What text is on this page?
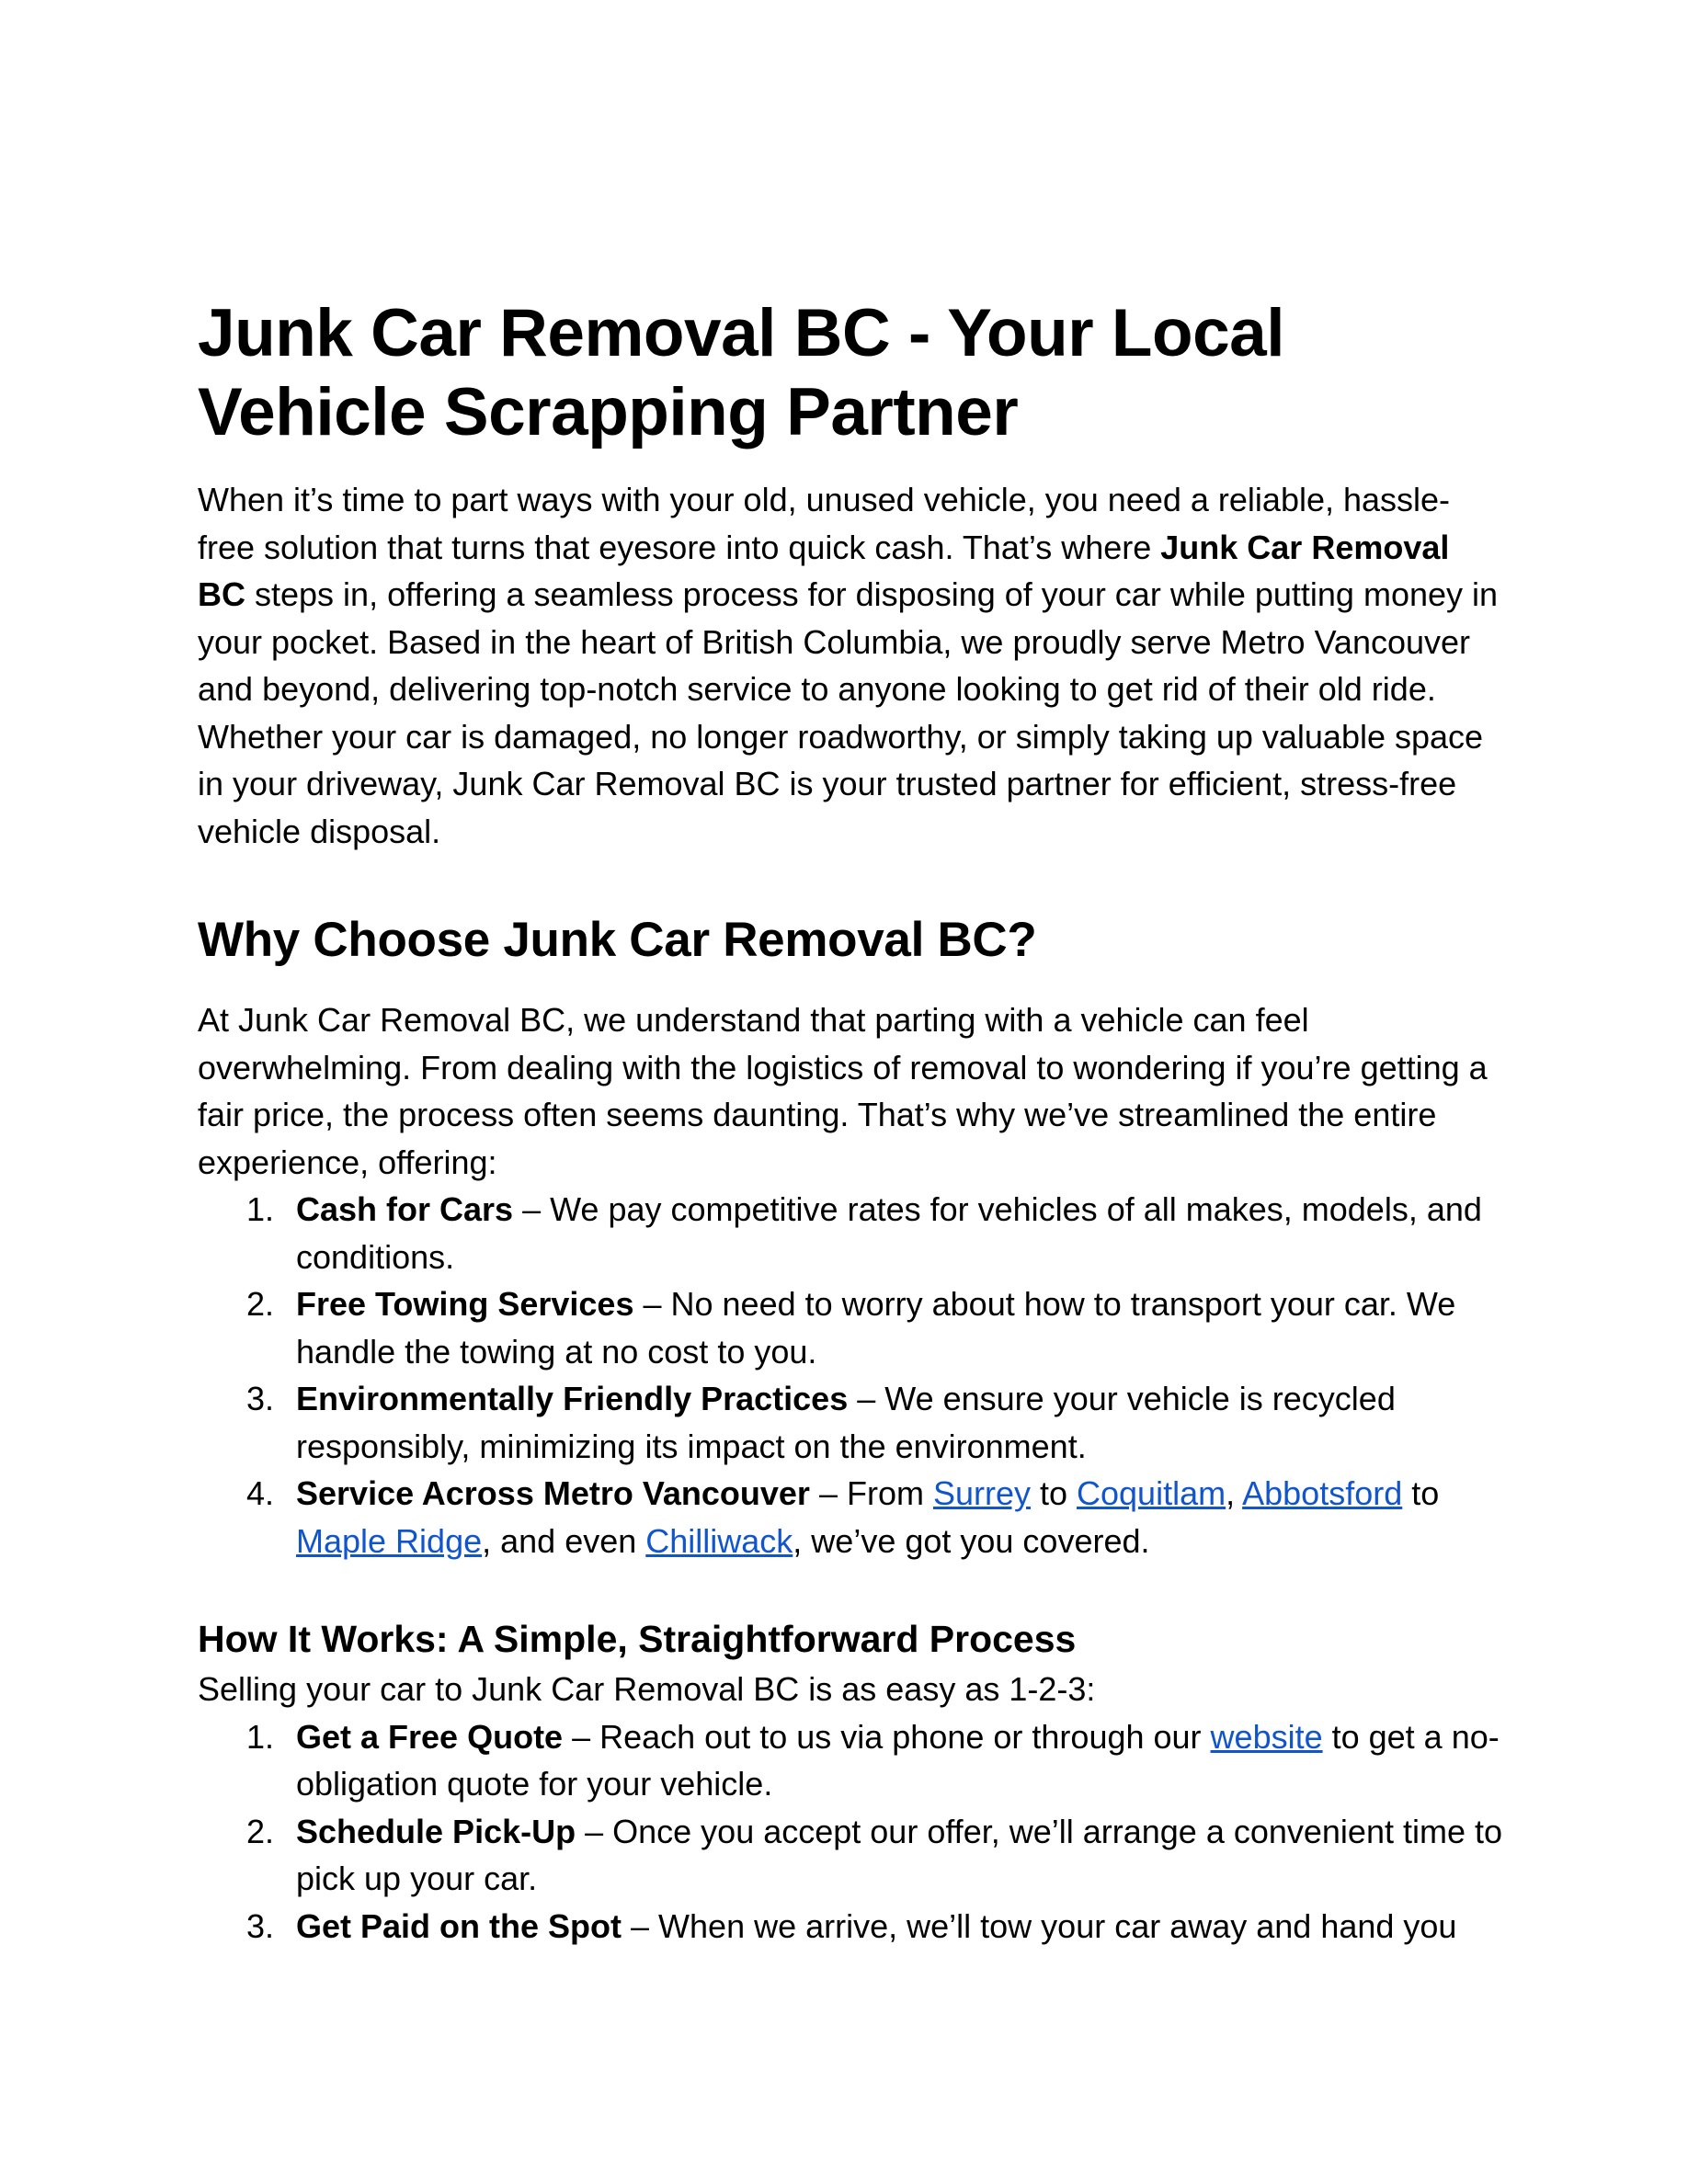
Junk Car Removal BC - Your Local Vehicle Scrapping Partner

When it’s time to part ways with your old, unused vehicle, you need a reliable, hassle-free solution that turns that eyesore into quick cash. That’s where Junk Car Removal BC steps in, offering a seamless process for disposing of your car while putting money in your pocket. Based in the heart of British Columbia, we proudly serve Metro Vancouver and beyond, delivering top-notch service to anyone looking to get rid of their old ride. Whether your car is damaged, no longer roadworthy, or simply taking up valuable space in your driveway, Junk Car Removal BC is your trusted partner for efficient, stress-free vehicle disposal.

Why Choose Junk Car Removal BC?

At Junk Car Removal BC, we understand that parting with a vehicle can feel overwhelming. From dealing with the logistics of removal to wondering if you’re getting a fair price, the process often seems daunting. That’s why we’ve streamlined the entire experience, offering:

1. Cash for Cars – We pay competitive rates for vehicles of all makes, models, and conditions.
2. Free Towing Services – No need to worry about how to transport your car. We handle the towing at no cost to you.
3. Environmentally Friendly Practices – We ensure your vehicle is recycled responsibly, minimizing its impact on the environment.
4. Service Across Metro Vancouver – From Surrey to Coquitlam, Abbotsford to Maple Ridge, and even Chilliwack, we’ve got you covered.
How It Works: A Simple, Straightforward Process

Selling your car to Junk Car Removal BC is as easy as 1-2-3:

1. Get a Free Quote – Reach out to us via phone or through our website to get a no-obligation quote for your vehicle.
2. Schedule Pick-Up – Once you accept our offer, we’ll arrange a convenient time to pick up your car.
3. Get Paid on the Spot – When we arrive, we’ll tow your car away and hand you
